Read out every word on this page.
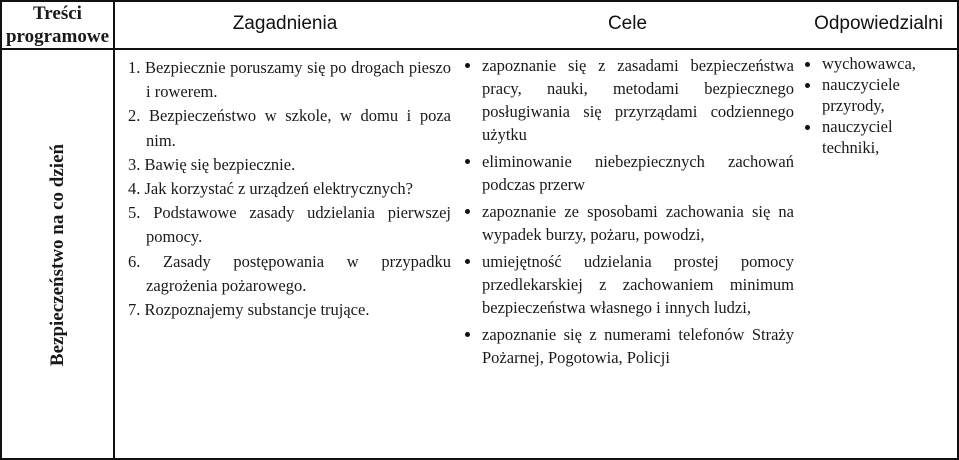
Treści programowe
Zagadnienia	Cele	Odpowiedzialni
Bezpieczeństwo na co dzień
1. Bezpiecznie poruszamy się po drogach pieszo i rowerem.
2. Bezpieczeństwo w szkole, w domu i poza nim.
3. Bawię się bezpiecznie.
4. Jak korzystać z urządzeń elektrycznych?
5. Podstawowe zasady udzielania pierwszej pomocy.
6. Zasady postępowania w przypadku zagrożenia pożarowego.
7. Rozpoznajemy substancje trujące.
zapoznanie się z zasadami bezpieczeństwa pracy, nauki, metodami bezpiecznego posługiwania się przyrządami codziennego użytku
eliminowanie niebezpiecznych zachowań podczas przerw
zapoznanie ze sposobami zachowania się na wypadek burzy, pożaru, powodzi,
umiejętność udzielania prostej pomocy przedlekarskiej z zachowaniem minimum bezpieczeństwa własnego i innych ludzi,
zapoznanie się z numerami telefonów Straży Pożarnej, Pogotowia, Policji
wychowawca,
nauczyciele przyrody,
nauczyciel techniki,
